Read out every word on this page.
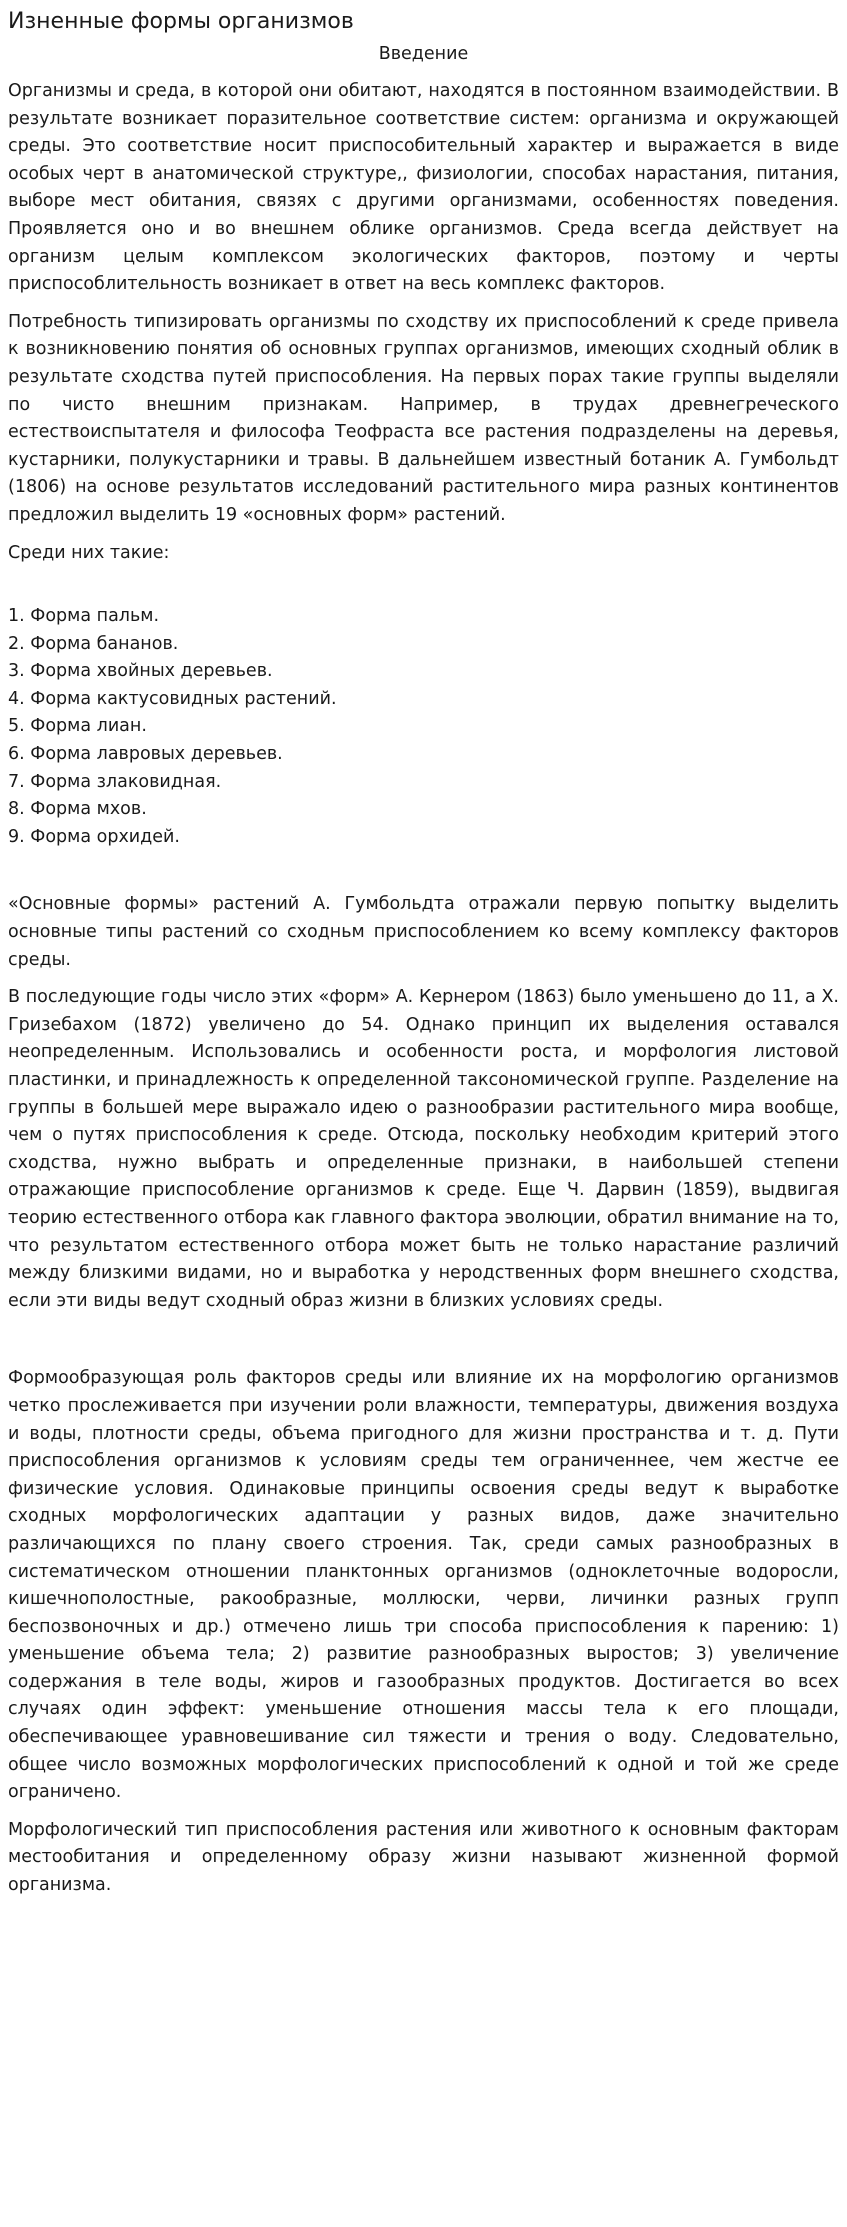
Изненные формы организмов
Введение

Организмы и среда, в которой они обитают, находятся в постоянном взаимодействии. В результате возникает поразительное соответствие систем: организма и окружающей среды. Это соответствие носит приспособительный характер и выражается в виде особых черт в анатомической структуре,, физиологии, способах нарастания, питания, выборе мест обитания, связях с другими организмами, особенностях поведения. Проявляется оно и во внешнем облике организмов. Среда всегда действует на организм целым комплексом экологических факторов, поэтому и черты приспособлительность возникает в ответ на весь комплекс факторов.

Потребность типизировать организмы по сходству их приспособлений к среде привела к возникновению понятия об основных группах организмов, имеющих сходный облик в результате сходства путей приспособления. На первых порах такие группы выделяли по чисто внешним признакам. Например, в трудах древнегреческого естествоиспытателя и философа Теофраста все растения подразделены на деревья, кустарники, полукустарники и травы. В дальнейшем известный ботаник А. Гумбольдт (1806) на основе результатов исследований растительного мира разных континентов предложил выделить 19 «основных форм» растений.

Среди них такие:

1. Форма пальм.
2. Форма бананов.
3. Форма хвойных деревьев.
4. Форма кактусовидных растений.
5. Форма лиан.
6. Форма лавровых деревьев.
7. Форма злаковидная.
8. Форма мхов.
9. Форма орхидей.

«Основные формы» растений А. Гумбольдта отражали первую попытку выделить основные типы растений со сходньм приспособлением ко всему комплексу факторов среды.

В последующие годы число этих «форм» А. Кернером (1863) было уменьшено до 11, а X. Гризебахом (1872) увеличено до 54. Однако принцип их выделения оставался неопределенным. Использовались и особенности роста, и морфология листовой пластинки, и принадлежность к определенной таксономической группе. Разделение на группы в большей мере выражало идею о разнообразии растительного мира вообще, чем о путях приспособления к среде. Отсюда, поскольку необходим критерий этого сходства, нужно выбрать и определенные признаки, в наибольшей степени отражающие приспособление организмов к среде. Еще Ч. Дарвин (1859), выдвигая теорию естественного отбора как главного фактора эволюции, обратил внимание на то, что результатом естественного отбора может быть не только нарастание различий между близкими видами, но и выработка у неродственных форм внешнего сходства, если эти виды ведут сходный образ жизни в близких условиях среды.

Формообразующая роль факторов среды или влияние их на морфологию организмов четко прослеживается при изучении роли влажности, температуры, движения воздуха и воды, плотности среды, объема пригодного для жизни пространства и т. д. Пути приспособления организмов к условиям среды тем ограниченнее, чем жестче ее физические условия. Одинаковые принципы освоения среды ведут к выработке сходных морфологических адаптации у разных видов, даже значительно различающихся по плану своего строения. Так, среди самых разнообразных в систематическом отношении планктонных организмов (одноклеточные водоросли, кишечнополостные, ракообразные, моллюски, черви, личинки разных групп беспозвоночных и др.) отмечено лишь три способа приспособления к парению: 1) уменьшение объема тела; 2) развитие разнообразных выростов; 3) увеличение содержания в теле воды, жиров и газообразных продуктов. Достигается во всех случаях один эффект: уменьшение отношения массы тела к его площади, обеспечивающее уравновешивание сил тяжести и трения о воду. Следовательно, общее число возможных морфологических приспособлений к одной и той же среде ограничено.

Морфологический тип приспособления растения или животного к основным факторам местообитания и определенному образу жизни называют жизненной формой организма.
